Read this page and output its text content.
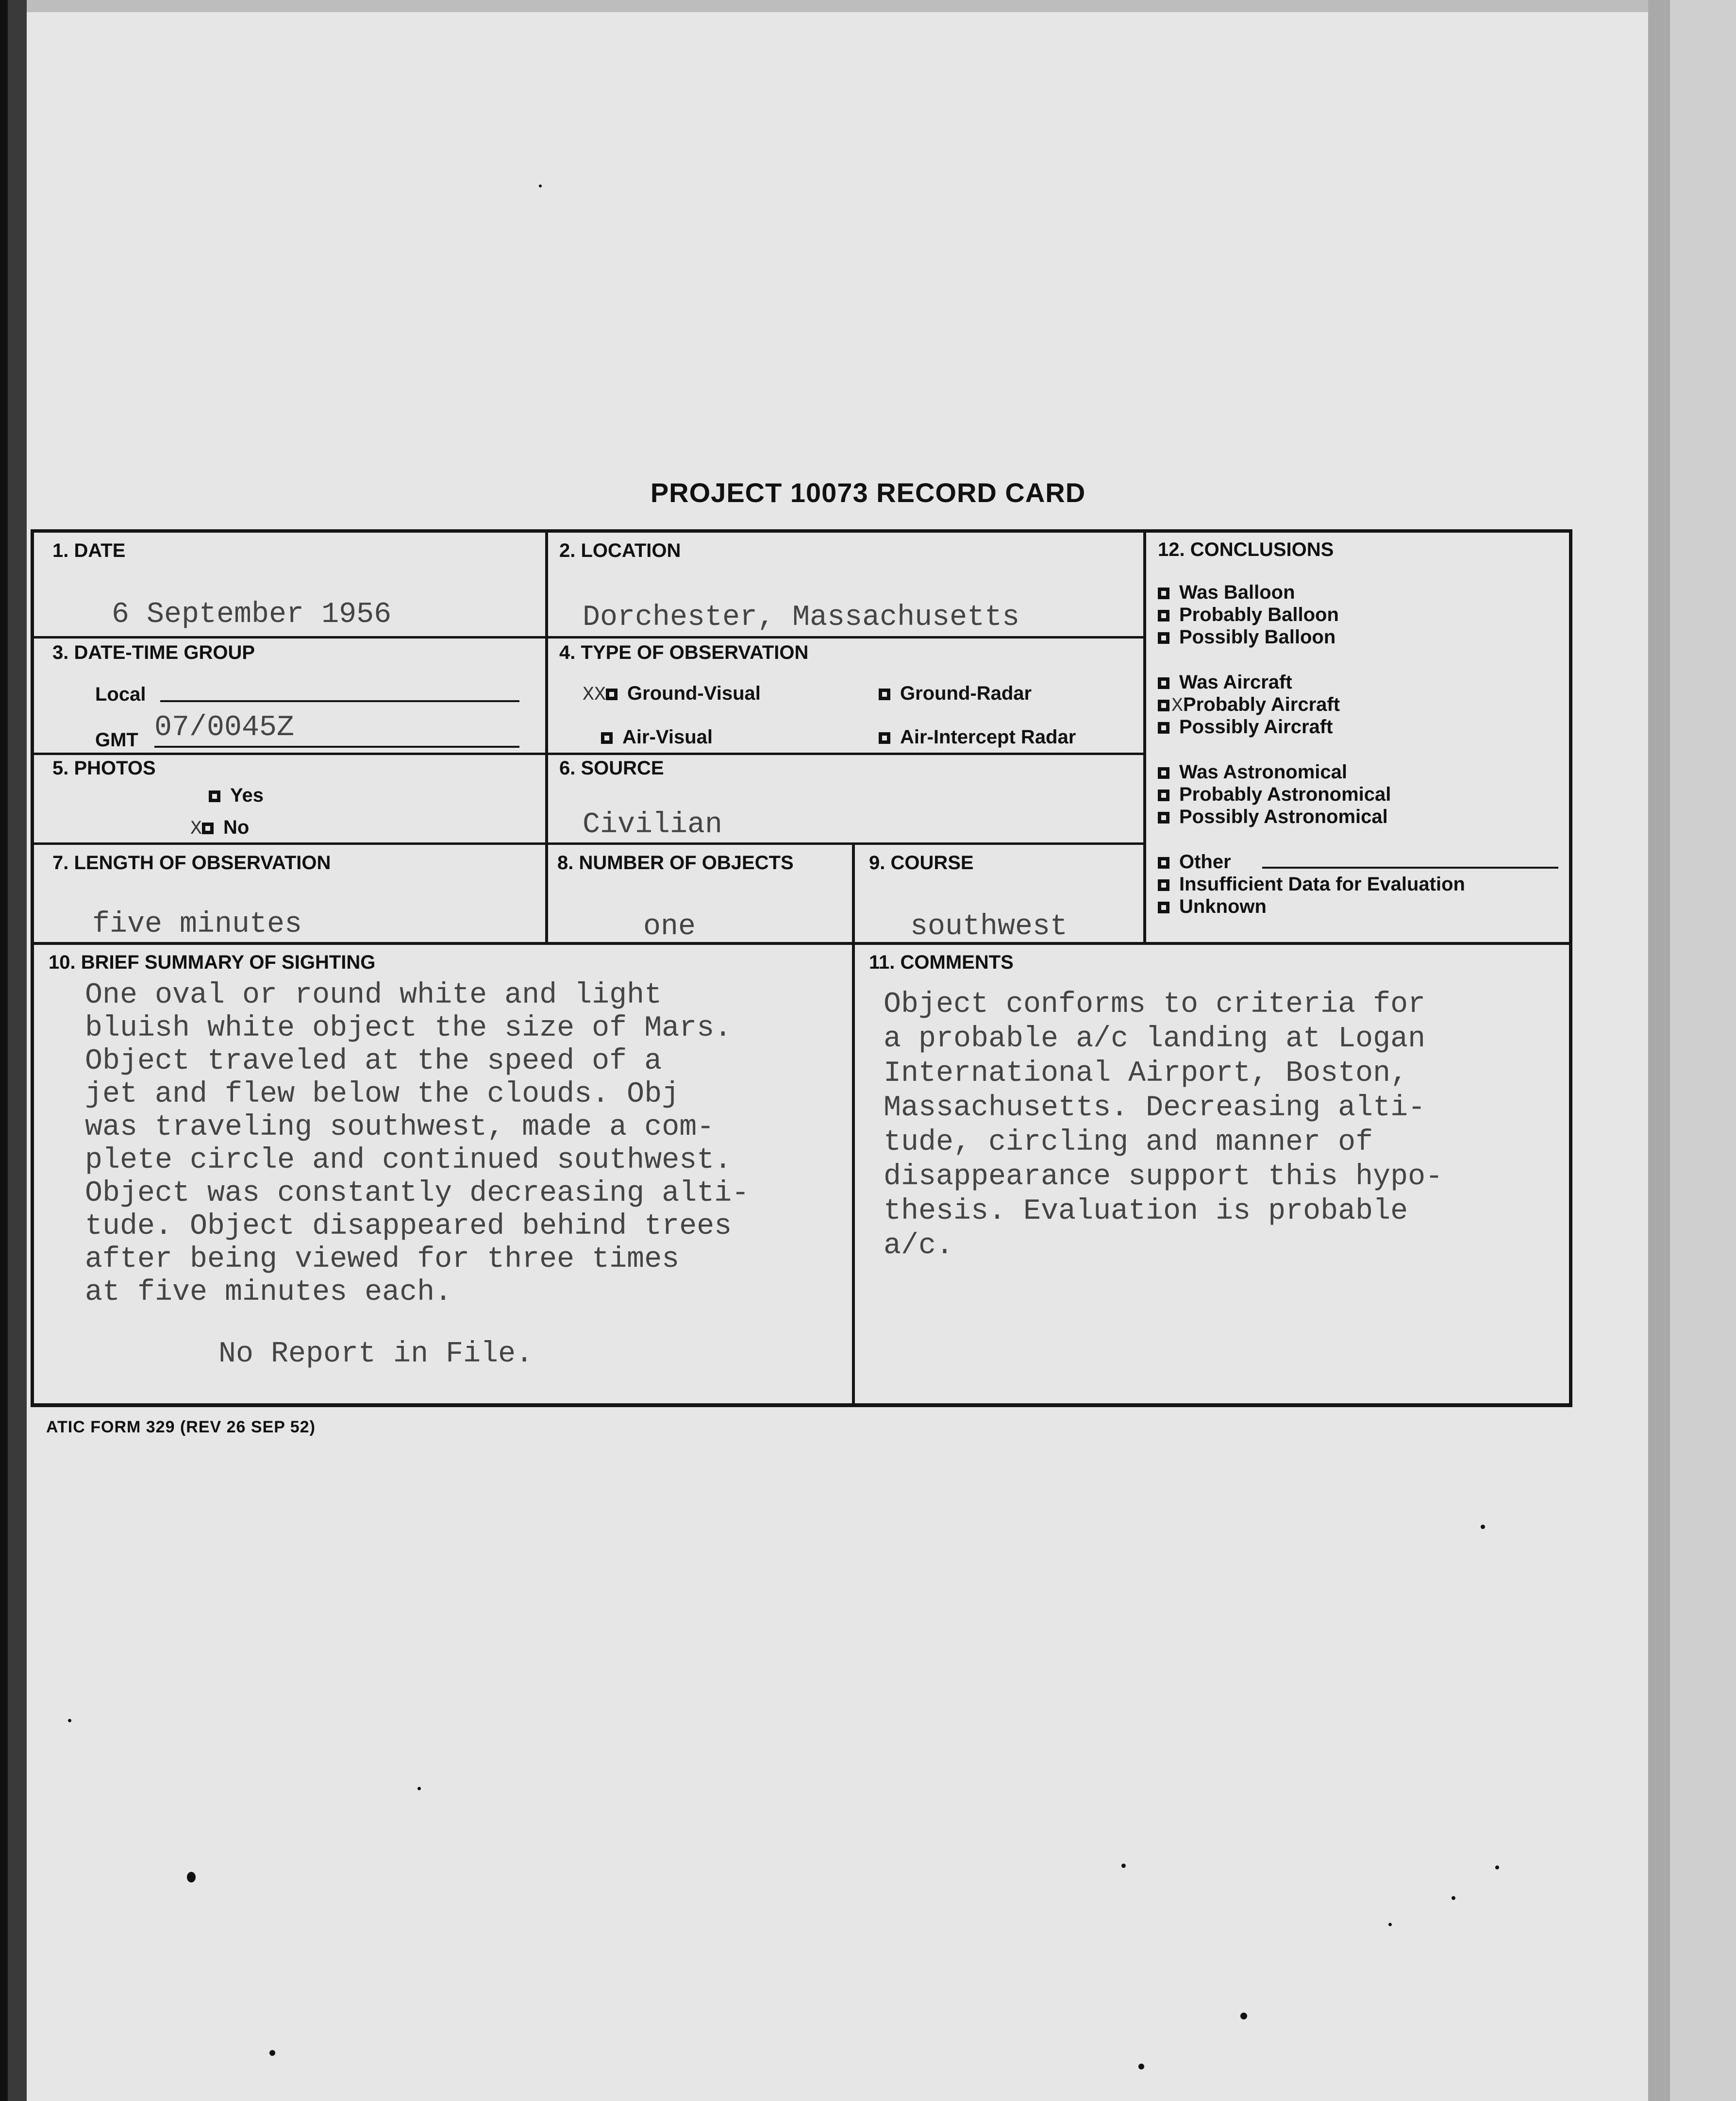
PROJECT 10073 RECORD CARD
1. DATE
6 September 1956
2. LOCATION
Dorchester, Massachusetts
3. DATE-TIME GROUP
Local
GMT 07/0045Z
4. TYPE OF OBSERVATION
XX Ground-Visual	Ground-Radar
Air-Visual	Air-Intercept Radar
5. PHOTOS
Yes
X No
6. SOURCE
Civilian
7. LENGTH OF OBSERVATION
five minutes
8. NUMBER OF OBJECTS
one
9. COURSE
southwest
12. CONCLUSIONS
Was Balloon
Probably Balloon
Possibly Balloon
Was Aircraft
XProbably Aircraft
Possibly Aircraft
Was Astronomical
Probably Astronomical
Possibly Astronomical
Other
Insufficient Data for Evaluation
Unknown
10. BRIEF SUMMARY OF SIGHTING
One oval or round white and light
bluish white object the size of Mars.
Object traveled at the speed of a
jet and flew below the clouds. Obj
was traveling southwest, made a com-
plete circle and continued southwest.
Object was constantly decreasing alti-
tude. Object disappeared behind trees
after being viewed for three times
at five minutes each.
No Report in File.
11. COMMENTS
Object conforms to criteria for
a probable a/c landing at Logan
International Airport, Boston,
Massachusetts. Decreasing alti-
tude, circling and manner of
disappearance support this hypo-
thesis. Evaluation is probable
a/c.
ATIC FORM 329 (REV 26 SEP 52)
